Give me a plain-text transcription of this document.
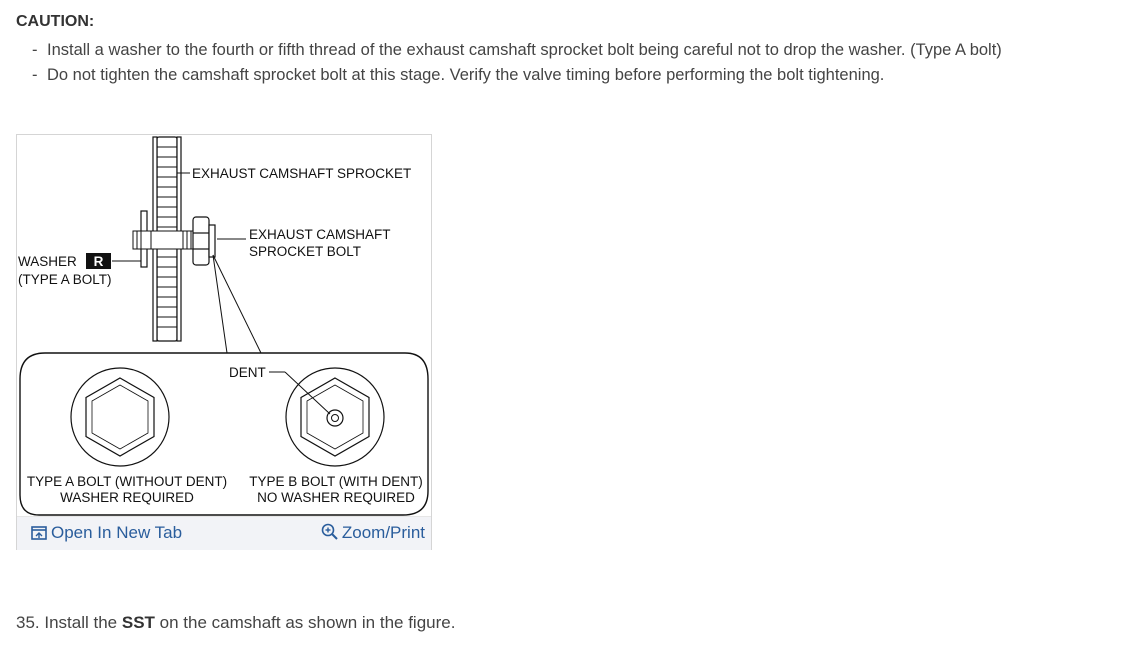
CAUTION:
- Install a washer to the fourth or fifth thread of the exhaust camshaft sprocket bolt being careful not to drop the washer. (Type A bolt)
- Do not tighten the camshaft sprocket bolt at this stage. Verify the valve timing before performing the bolt tightening.
EXHAUST CAMSHAFT SPROCKET
EXHAUST CAMSHAFT
SPROCKET BOLT
WASHER R
(TYPE A BOLT)
DENT
TYPE A BOLT (WITHOUT DENT)
WASHER REQUIRED
TYPE B BOLT (WITH DENT)
NO WASHER REQUIRED
Open In New Tab	Zoom/Print
35. Install the SST on the camshaft as shown in the figure.
